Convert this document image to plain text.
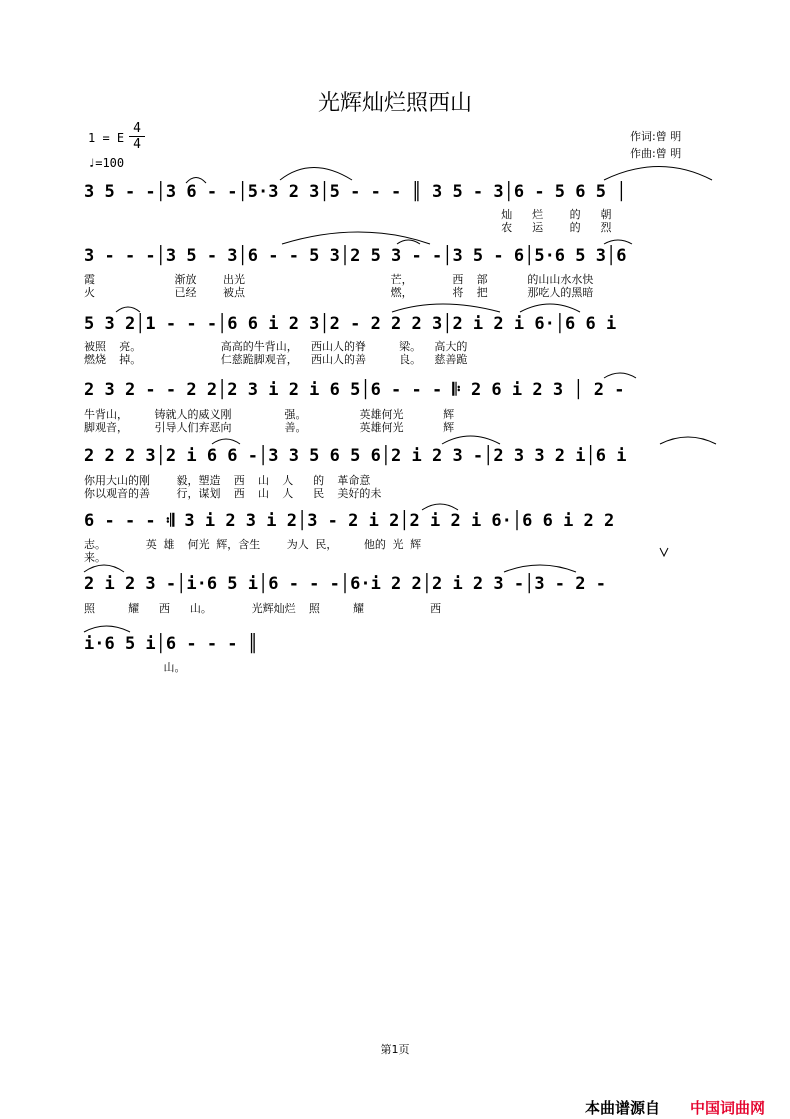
光辉灿烂照西山
1 = E
4
4
♩=100
作词:曾 明
作曲:曾 明
3 5 - -│3 6 - -│5·3 2 3│5 - - - ║ 3 5 - 3│6 - 5 6 5 │
灿   烂    的   朝
农   运    的   烈
3 - - -│3 5 - 3│6 - - 5 3│2 5 3 - -│3 5 - 6│5·6 5 3│6
霞            渐放    出光                      芒，      西  部      的山山水水快
火            已经    被点                      燃，      将  把      那吃人的黑暗
5 3 2│1 - - -│6 6 i 2 3│2 - 2 2 2 3│2 i 2 i 6·│6 6 i
被照  亮。            高高的牛背山，  西山人的脊     梁。  高大的
燃烧  掉。            仁慈跪脚观音，  西山人的善     良。  慈善跪
2 3 2 - - 2 2│2 3 i 2 i 6 5│6 - - - 𝄆 2 6 i 2 3 │ 2 -
牛背山，    铸就人的威义刚        强。        英雄何光      辉
脚观音，    引导人们弃恶向        善。        英雄何光      辉
2 2 2 3│2 i 6 6 -│3 3 5 6 5 6│2 i 2 3 -│2 3 3 2 i│6 i
你用大山的刚    毅，塑造  西  山  人   的  革命意
你以观音的善    行，谋划  西  山  人   民  美好的未
6 - - - 𝄇 3 i 2 3 i 2│3 - 2 i 2│2 i 2 i 6·│6 6 i 2 2
志。      英 雄  何光 辉，含生    为人 民，    他的 光 辉
来。
2 i 2 3 -│i·6 5 i│6 - - -│6·i 2 2│2 i 2 3 -│3 - 2 -
照     耀   西   山。      光辉灿烂  照     耀          西
i·6 5 i│6 - - - ║
山。
第1页
本曲谱源自 中国词曲网
